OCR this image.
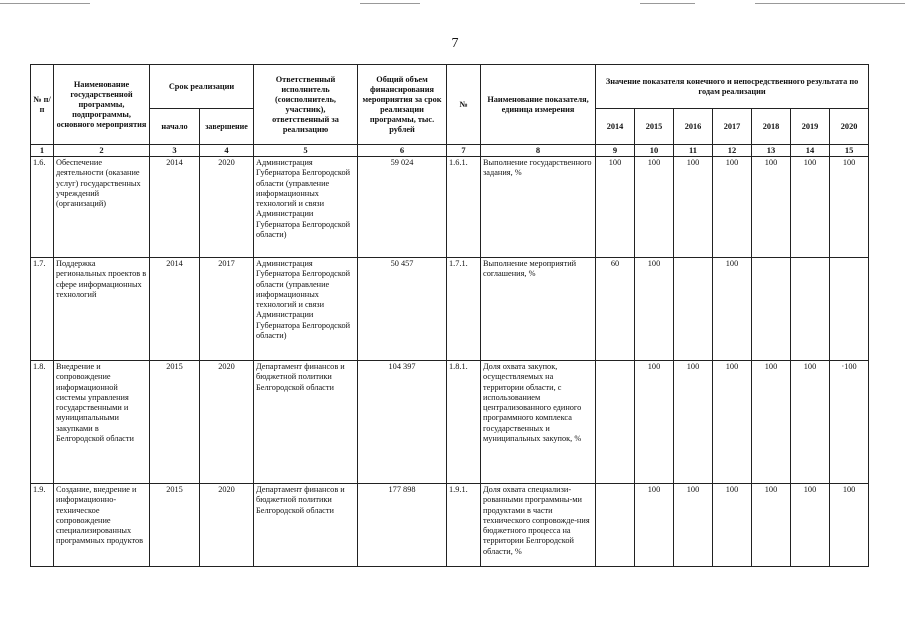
7
№ п/п	Наименование государственной программы, подпрограммы, основного мероприятия	Срок реализации		Ответственный исполнитель (соисполнитель, участник), ответственный за реализацию	Общий объем финансирования мероприятия за срок реализации программы, тыс. рублей	№	Наименование показателя, единица измерения	Значение показателя конечного и непосредственного результата по годам реализации						
		начало	завершение					2014	2015	2016	2017	2018	2019	2020
1	2	3	4	5	6	7	8	9	10	11	12	13	14	15
1.6.	Обеспечение деятельности (оказание услуг) государственных учреждений (организаций)	2014	2020	Администрация Губернатора Белгородской области (управление информационных технологий и связи Администрации Губернатора Белгородской области)	59 024	1.6.1.	Выполнение государственного задания, %	100	100	100	100	100	100	100
1.7.	Поддержка региональных проектов в сфере информационных технологий	2014	2017	Администрация Губернатора Белгородской области (управление информационных технологий и связи Администрации Губернатора Белгородской области)	50 457	1.7.1.	Выполнение мероприятий соглашения, %	60	100		100			
1.8.	Внедрение и сопровождение информационной системы управления государственными и муниципальными закупками в Белгородской области	2015	2020	Департамент финансов и бюджетной политики Белгородской области	104 397	1.8.1.	Доля охвата закупок, осуществляемых на территории области, с использованием централизованного единого программного комплекса государственных и муниципальных закупок, %		100	100	100	100	100	·100
1.9.	Создание, внедрение и информационно-техническое сопровождение специализированных программных продуктов	2015	2020	Департамент финансов и бюджетной политики Белгородской области	177 898	1.9.1.	Доля охвата специализи-рованными программны-ми продуктами в части технического сопровожде-ния бюджетного процесса на территории Белгородской области, %		100	100	100	100	100	100
